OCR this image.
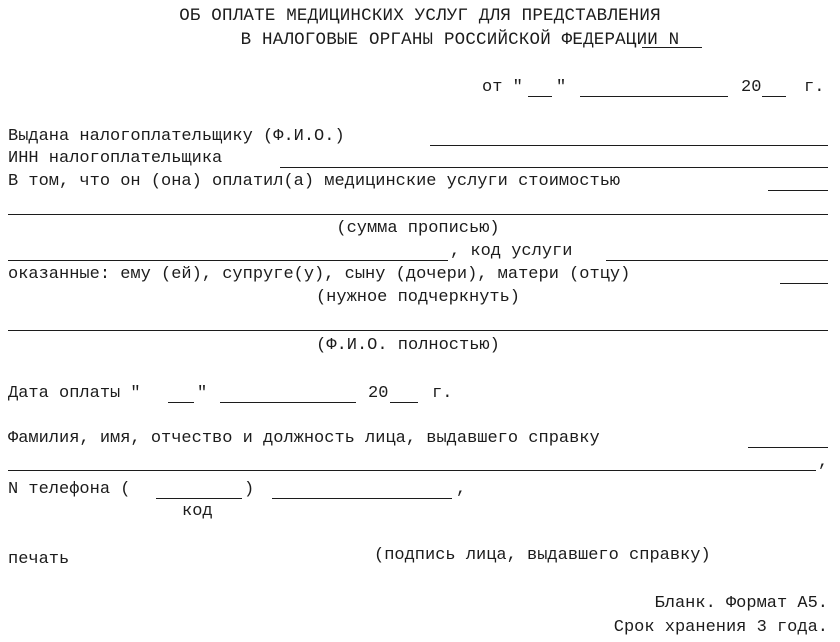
ОБ ОПЛАТЕ МЕДИЦИНСКИХ УСЛУГ ДЛЯ ПРЕДСТАВЛЕНИЯ
В НАЛОГОВЫЕ ОРГАНЫ РОССИЙСКОЙ ФЕДЕРАЦИИ N
от " "	20	г.
Выдана налогоплательщику (Ф.И.О.)
ИНН налогоплательщика
В том, что он (она) оплатил(а) медицинские услуги стоимостью
(сумма прописью)
, код услуги
оказанные: ему (ей), супруге(у), сыну (дочери), матери (отцу)
(нужное подчеркнуть)
(Ф.И.О. полностью)
Дата оплаты "	"	20	г.
Фамилия, имя, отчество и должность лица, выдавшего справку
,
N телефона (	)	,
код
печать	(подпись лица, выдавшего справку)
Бланк. Формат А5.
Срок хранения 3 года.
